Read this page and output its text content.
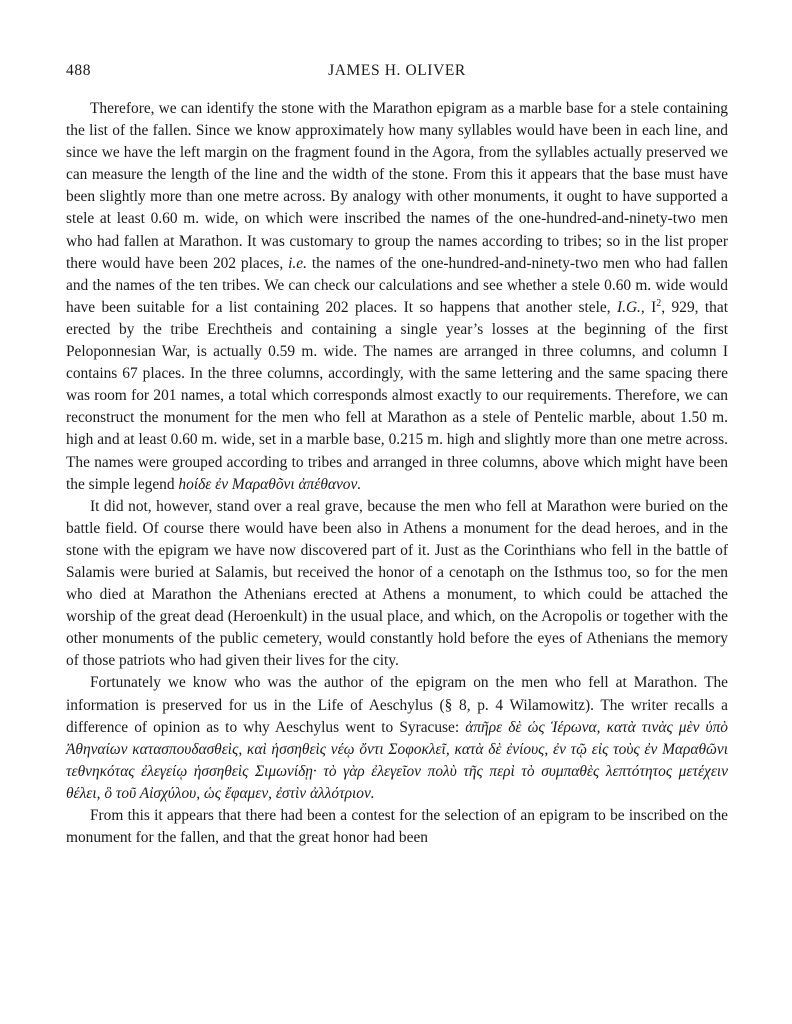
488	JAMES H. OLIVER

Therefore, we can identify the stone with the Marathon epigram as a marble base for a stele containing the list of the fallen. Since we know approximately how many syllables would have been in each line, and since we have the left margin on the fragment found in the Agora, from the syllables actually preserved we can measure the length of the line and the width of the stone. From this it appears that the base must have been slightly more than one metre across. By analogy with other monuments, it ought to have supported a stele at least 0.60 m. wide, on which were inscribed the names of the one-hundred-and-ninety-two men who had fallen at Marathon. It was customary to group the names according to tribes; so in the list proper there would have been 202 places, i.e. the names of the one-hundred-and-ninety-two men who had fallen and the names of the ten tribes. We can check our calculations and see whether a stele 0.60 m. wide would have been suitable for a list containing 202 places. It so happens that another stele, I.G., $I^2$, 929, that erected by the tribe Erechtheis and containing a single year’s losses at the beginning of the first Peloponnesian War, is actually 0.59 m. wide. The names are arranged in three columns, and column I contains 67 places. In the three columns, accordingly, with the same lettering and the same spacing there was room for 201 names, a total which corresponds almost exactly to our requirements. Therefore, we can reconstruct the monument for the men who fell at Marathon as a stele of Pentelic marble, about 1.50 m. high and at least 0.60 m. wide, set in a marble base, 0.215 m. high and slightly more than one metre across. The names were grouped according to tribes and arranged in three columns, above which might have been the simple legend hοίδε ἐν Μαραθõνι ἀπέθανον.

It did not, however, stand over a real grave, because the men who fell at Marathon were buried on the battle field. Of course there would have been also in Athens a monument for the dead heroes, and in the stone with the epigram we have now discovered part of it. Just as the Corinthians who fell in the battle of Salamis were buried at Salamis, but received the honor of a cenotaph on the Isthmus too, so for the men who died at Marathon the Athenians erected at Athens a monument, to which could be attached the worship of the great dead (Heroenkult) in the usual place, and which, on the Acropolis or together with the other monuments of the public cemetery, would constantly hold before the eyes of Athenians the memory of those patriots who had given their lives for the city.

Fortunately we know who was the author of the epigram on the men who fell at Marathon. The information is preserved for us in the Life of Aeschylus (§ 8, p. 4 Wilamowitz). The writer recalls a difference of opinion as to why Aeschylus went to Syracuse: ἀπῆρε δὲ ὡς Ἱέρωνα, κατὰ τινὰς μὲν ὑπὸ Ἀθηναίων κατασπουδασθεὶς, καὶ ἡσσηθεὶς νέῳ ὄντι Σοφοκλεῖ, κατὰ δὲ ἐνίους, ἐν τῷ εἰς τοὺς ἐν Μαραθῶνι τεθνηκότας ἐλεγείῳ ἡσσηθεὶς Σιμωνίδῃ· τὸ γὰρ ἐλεγεῖον πολὺ τῆς περὶ τὸ συμπαθὲς λεπτότητος μετέχειν θέλει, ὃ τοῦ Αἰσχύλου, ὡς ἔφαμεν, ἐστὶν ἀλλότριον.

From this it appears that there had been a contest for the selection of an epigram to be inscribed on the monument for the fallen, and that the great honor had been
